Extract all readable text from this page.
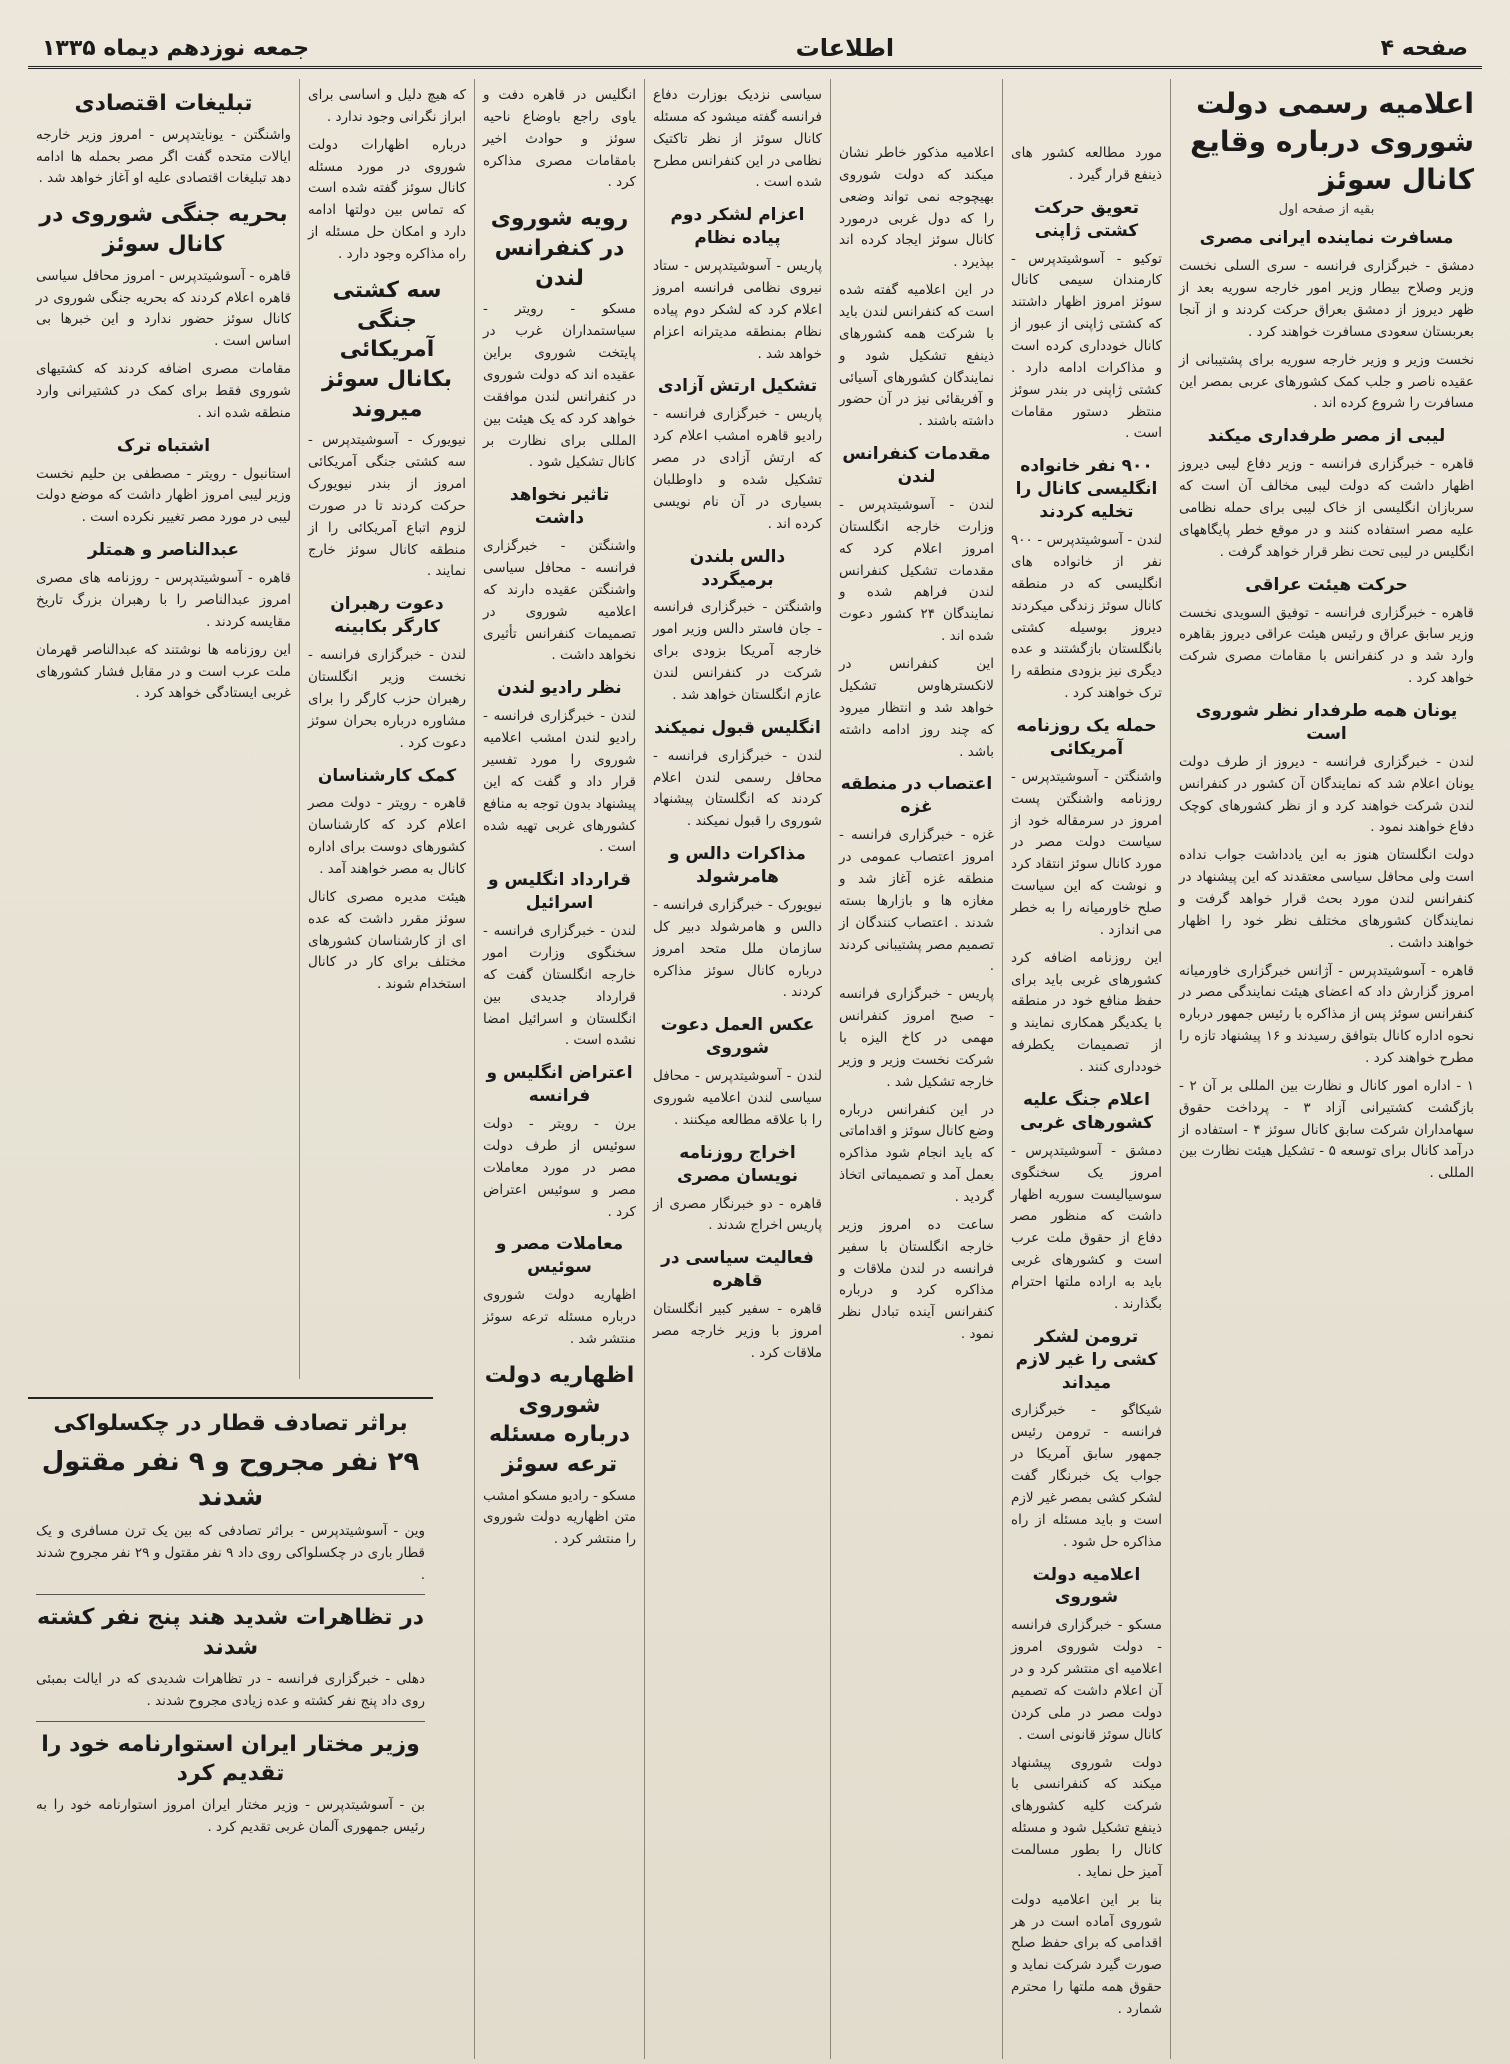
صفحه ۴
اطلاعات
جمعه نوزدهم دیماه ۱۳۳۵
اعلامیه رسمی دولت شوروی درباره وقایع کانال سوئز
بقیه از صفحه اول
مسافرت نماینده ایرانی مصری

دمشق - خبرگزاری فرانسه - سری السلی نخست وزیر وصلاح بیطار وزیر امور خارجه سوریه بعد از ظهر دیروز از دمشق بعراق حرکت کردند و از آنجا بعربستان سعودی مسافرت خواهند کرد .

نخست وزیر و وزیر خارجه سوریه برای پشتیبانی از عقیده ناصر و جلب کمک کشورهای عربی بمصر این مسافرت را شروع کرده اند .

لیبی از مصر طرفداری میکند

قاهره - خبرگزاری فرانسه - وزیر دفاع لیبی دیروز اظهار داشت که دولت لیبی مخالف آن است که سربازان انگلیسی از خاک لیبی برای حمله نظامی علیه مصر استفاده کنند و در موقع خطر پایگاههای انگلیس در لیبی تحت نظر قرار خواهد گرفت .

حرکت هیئت عراقی

قاهره - خبرگزاری فرانسه - توفیق السویدی نخست وزیر سابق عراق و رئیس هیئت عراقی دیروز بقاهره وارد شد و در کنفرانس با مقامات مصری شرکت خواهد کرد .

یونان همه طرفدار نظر شوروی است

لندن - خبرگزاری فرانسه - دیروز از طرف دولت یونان اعلام شد که نمایندگان آن کشور در کنفرانس لندن شرکت خواهند کرد و از نظر کشورهای کوچک دفاع خواهند نمود .

دولت انگلستان هنوز به این یادداشت جواب نداده است ولی محافل سیاسی معتقدند که این پیشنهاد در کنفرانس لندن مورد بحث قرار خواهد گرفت و نمایندگان کشورهای مختلف نظر خود را اظهار خواهند داشت .

قاهره - آسوشیتدپرس - آژانس خبرگزاری خاورمیانه امروز گزارش داد که اعضای هیئت نمایندگی مصر در کنفرانس سوئز پس از مذاکره با رئیس جمهور درباره نحوه اداره کانال بتوافق رسیدند و ۱۶ پیشنهاد تازه را مطرح خواهند کرد .

۱ - اداره امور کانال و نظارت بین المللی بر آن ۲ - بازگشت کشتیرانی آزاد ۳ - پرداخت حقوق سهامداران شرکت سابق کانال سوئز ۴ - استفاده از درآمد کانال برای توسعه ۵ - تشکیل هیئت نظارت بین المللی .

مورد مطالعه کشور های ذینفع قرار گیرد .

تعویق حرکت کشتی ژاپنی

توکیو - آسوشیتدپرس - کارمندان سیمی کانال سوئز امروز اظهار داشتند که کشتی ژاپنی از عبور از کانال خودداری کرده است و مذاکرات ادامه دارد . کشتی ژاپنی در بندر سوئز منتظر دستور مقامات است .

۹۰۰ نفر خانواده انگلیسی کانال را تخلیه کردند

لندن - آسوشیتدپرس - ۹۰۰ نفر از خانواده های انگلیسی که در منطقه کانال سوئز زندگی میکردند دیروز بوسیله کشتی بانگلستان بازگشتند و عده دیگری نیز بزودی منطقه را ترک خواهند کرد .

حمله یک روزنامه آمریکائی

واشنگتن - آسوشیتدپرس - روزنامه واشنگتن پست امروز در سرمقاله خود از سیاست دولت مصر در مورد کانال سوئز انتقاد کرد و نوشت که این سیاست صلح خاورمیانه را به خطر می اندازد .

این روزنامه اضافه کرد کشورهای غربی باید برای حفظ منافع خود در منطقه با یکدیگر همکاری نمایند و از تصمیمات یکطرفه خودداری کنند .

اعلام جنگ علیه کشورهای غربی

دمشق - آسوشیتدپرس - امروز یک سخنگوی سوسیالیست سوریه اظهار داشت که منظور مصر دفاع از حقوق ملت عرب است و کشورهای غربی باید به اراده ملتها احترام بگذارند .

ترومن لشکر کشی را غیر لازم میداند

شیکاگو - خبرگزاری فرانسه - ترومن رئیس جمهور سابق آمریکا در جواب یک خبرنگار گفت لشکر کشی بمصر غیر لازم است و باید مسئله از راه مذاکره حل شود .

اعلامیه دولت شوروی

مسکو - خبرگزاری فرانسه - دولت شوروی امروز اعلامیه ای منتشر کرد و در آن اعلام داشت که تصمیم دولت مصر در ملی کردن کانال سوئز قانونی است .

دولت شوروی پیشنهاد میکند که کنفرانسی با شرکت کلیه کشورهای ذینفع تشکیل شود و مسئله کانال را بطور مسالمت آمیز حل نماید .

بنا بر این اعلامیه دولت شوروی آماده است در هر اقدامی که برای حفظ صلح صورت گیرد شرکت نماید و حقوق همه ملتها را محترم شمارد .

اعلامیه مذکور خاطر نشان میکند که دولت شوروی بهیچوجه نمی تواند وضعی را که دول غربی درمورد کانال سوئز ایجاد کرده اند بپذیرد .

در این اعلامیه گفته شده است که کنفرانس لندن باید با شرکت همه کشورهای ذینفع تشکیل شود و نمایندگان کشورهای آسیائی و آفریقائی نیز در آن حضور داشته باشند .

مقدمات کنفرانس لندن

لندن - آسوشیتدپرس - وزارت خارجه انگلستان امروز اعلام کرد که مقدمات تشکیل کنفرانس لندن فراهم شده و نمایندگان ۲۴ کشور دعوت شده اند .

این کنفرانس در لانکسترهاوس تشکیل خواهد شد و انتظار میرود که چند روز ادامه داشته باشد .

اعتصاب در منطقه غزه

غزه - خبرگزاری فرانسه - امروز اعتصاب عمومی در منطقه غزه آغاز شد و مغازه ها و بازارها بسته شدند . اعتصاب کنندگان از تصمیم مصر پشتیبانی کردند .

پاریس - خبرگزاری فرانسه - صبح امروز کنفرانس مهمی در کاخ الیزه با شرکت نخست وزیر و وزیر خارجه تشکیل شد .

در این کنفرانس درباره وضع کانال سوئز و اقداماتی که باید انجام شود مذاکره بعمل آمد و تصمیماتی اتخاذ گردید .

ساعت ده امروز وزیر خارجه انگلستان با سفیر فرانسه در لندن ملاقات و مذاکره کرد و درباره کنفرانس آینده تبادل نظر نمود .

سیاسی نزدیک بوزارت دفاع فرانسه گفته میشود که مسئله کانال سوئز از نظر تاکتیک نظامی در این کنفرانس مطرح شده است .

اعزام لشکر دوم پیاده نظام

پاریس - آسوشیتدپرس - ستاد نیروی نظامی فرانسه امروز اعلام کرد که لشکر دوم پیاده نظام بمنطقه مدیترانه اعزام خواهد شد .

تشکیل ارتش آزادی

پاریس - خبرگزاری فرانسه - رادیو قاهره امشب اعلام کرد که ارتش آزادی در مصر تشکیل شده و داوطلبان بسیاری در آن نام نویسی کرده اند .

دالس بلندن برمیگردد

واشنگتن - خبرگزاری فرانسه - جان فاستر دالس وزیر امور خارجه آمریکا بزودی برای شرکت در کنفرانس لندن عازم انگلستان خواهد شد .

انگلیس قبول نمیکند

لندن - خبرگزاری فرانسه - محافل رسمی لندن اعلام کردند که انگلستان پیشنهاد شوروی را قبول نمیکند .

مذاکرات دالس و هامرشولد

نیویورک - خبرگزاری فرانسه - دالس و هامرشولد دبیر کل سازمان ملل متحد امروز درباره کانال سوئز مذاکره کردند .

عکس العمل دعوت شوروی

لندن - آسوشیتدپرس - محافل سیاسی لندن اعلامیه شوروی را با علاقه مطالعه میکنند .

اخراج روزنامه نویسان مصری

قاهره - دو خبرنگار مصری از پاریس اخراج شدند .

فعالیت سیاسی در قاهره

قاهره - سفیر کبیر انگلستان امروز با وزیر خارجه مصر ملاقات کرد .

انگلیس در قاهره دفت و یاوی راجع باوضاع ناحیه سوئز و حوادث اخیر بامقامات مصری مذاکره کرد .

رویه شوروی در کنفرانس لندن

مسکو - رویتر - سیاستمداران غرب در پایتخت شوروی براین عقیده اند که دولت شوروی در کنفرانس لندن موافقت خواهد کرد که یک هیئت بین المللی برای نظارت بر کانال تشکیل شود .

تاثیر نخواهد داشت

واشنگتن - خبرگزاری فرانسه - محافل سیاسی واشنگتن عقیده دارند که اعلامیه شوروی در تصمیمات کنفرانس تأثیری نخواهد داشت .

نظر رادیو لندن

لندن - خبرگزاری فرانسه - رادیو لندن امشب اعلامیه شوروی را مورد تفسیر قرار داد و گفت که این پیشنهاد بدون توجه به منافع کشورهای غربی تهیه شده است .

قرارداد انگلیس و اسرائیل

لندن - خبرگزاری فرانسه - سخنگوی وزارت امور خارجه انگلستان گفت که قرارداد جدیدی بین انگلستان و اسرائیل امضا نشده است .

اعتراض انگلیس و فرانسه

برن - رویتر - دولت سوئیس از طرف دولت مصر در مورد معاملات مصر و سوئیس اعتراض کرد .

معاملات مصر و سوئیس

اظهاریه دولت شوروی درباره مسئله ترعه سوئز منتشر شد .

اظهاریه دولت شوروی درباره مسئله ترعه سوئز

مسکو - رادیو مسکو امشب متن اظهاریه دولت شوروی را منتشر کرد .

که هیچ دلیل و اساسی برای ابراز نگرانی وجود ندارد .

درباره اظهارات دولت شوروی در مورد مسئله کانال سوئز گفته شده است که تماس بین دولتها ادامه دارد و امکان حل مسئله از راه مذاکره وجود دارد .

سه کشتی جنگی آمریکائی بکانال سوئز میروند

نیویورک - آسوشیتدپرس - سه کشتی جنگی آمریکائی امروز از بندر نیویورک حرکت کردند تا در صورت لزوم اتباع آمریکائی را از منطقه کانال سوئز خارج نمایند .

دعوت رهبران کارگر بکابینه

لندن - خبرگزاری فرانسه - نخست وزیر انگلستان رهبران حزب کارگر را برای مشاوره درباره بحران سوئز دعوت کرد .

کمک کارشناسان

قاهره - رویتر - دولت مصر اعلام کرد که کارشناسان کشورهای دوست برای اداره کانال به مصر خواهند آمد .

هیئت مدیره مصری کانال سوئز مقرر داشت که عده ای از کارشناسان کشورهای مختلف برای کار در کانال استخدام شوند .

تبلیغات اقتصادی

واشنگتن - یونایتدپرس - امروز وزیر خارجه ایالات متحده گفت اگر مصر بحمله ها ادامه دهد تبلیغات اقتصادی علیه او آغاز خواهد شد .

بحریه جنگی شوروی در کانال سوئز

قاهره - آسوشیتدپرس - امروز محافل سیاسی قاهره اعلام کردند که بحریه جنگی شوروی در کانال سوئز حضور ندارد و این خبرها بی اساس است .

مقامات مصری اضافه کردند که کشتیهای شوروی فقط برای کمک در کشتیرانی وارد منطقه شده اند .

اشتباه ترک

استانبول - رویتر - مصطفی بن حلیم نخست وزیر لیبی امروز اظهار داشت که موضع دولت لیبی در مورد مصر تغییر نکرده است .

عبدالناصر و همتلر

قاهره - آسوشیتدپرس - روزنامه های مصری امروز عبدالناصر را با رهبران بزرگ تاریخ مقایسه کردند .

این روزنامه ها نوشتند که عبدالناصر قهرمان ملت عرب است و در مقابل فشار کشورهای غربی ایستادگی خواهد کرد .

براثر تصادف قطار در چکسلواکی
۲۹ نفر مجروح و ۹ نفر مقتول شدند

وین - آسوشیتدپرس - براثر تصادفی که بین یک ترن مسافری و یک قطار باری در چکسلواکی روی داد ۹ نفر مقتول و ۲۹ نفر مجروح شدند .

در تظاهرات شدید هند پنج نفر کشته شدند

دهلی - خبرگزاری فرانسه - در تظاهرات شدیدی که در ایالت بمبئی روی داد پنج نفر کشته و عده زیادی مجروح شدند .

وزیر مختار ایران استوارنامه خود را تقدیم کرد

بن - آسوشیتدپرس - وزیر مختار ایران امروز استوارنامه خود را به رئیس جمهوری آلمان غربی تقدیم کرد .
